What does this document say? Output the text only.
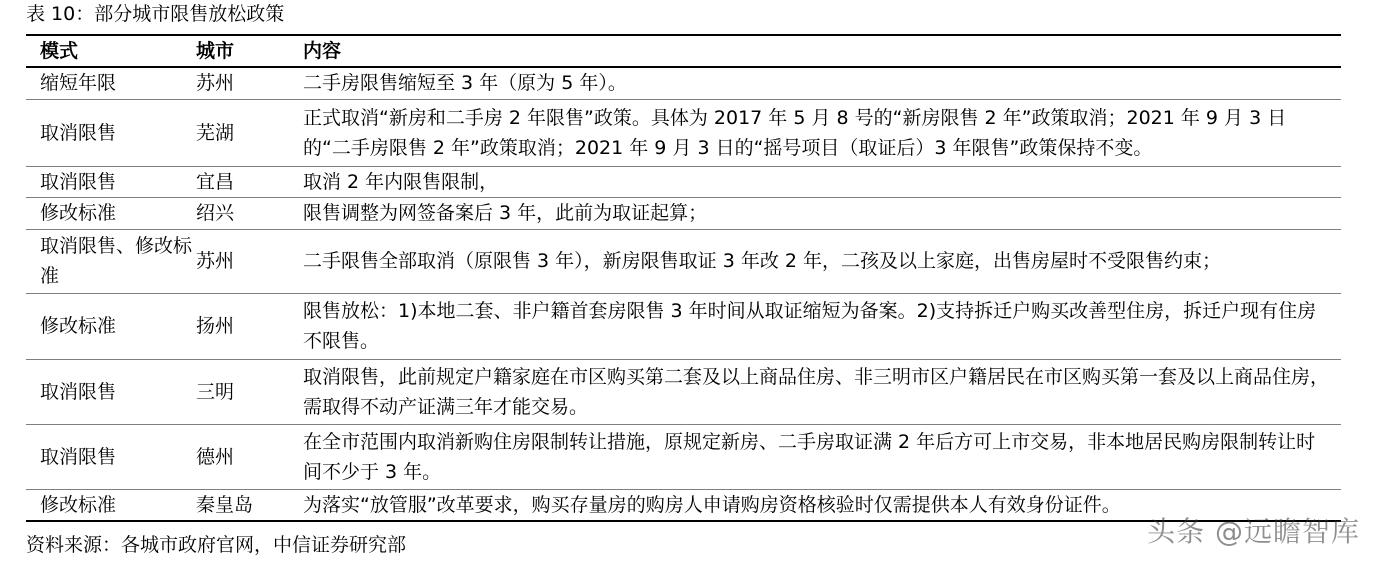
表 10：部分城市限售放松政策
模式	城市	内容
缩短年限	苏州	二手房限售缩短至 3 年（原为 5 年）。
取消限售	芜湖	正式取消“新房和二手房 2 年限售”政策。具体为 2017 年 5 月 8 号的“新房限售 2 年”政策取消；2021 年 9 月 3 日的“二手房限售 2 年”政策取消；2021 年 9 月 3 日的“摇号项目（取证后）3 年限售”政策保持不变。
取消限售	宜昌	取消 2 年内限售限制，
修改标准	绍兴	限售调整为网签备案后 3 年，此前为取证起算；
取消限售、修改标准	苏州	二手限售全部取消（原限售 3 年），新房限售取证 3 年改 2 年，二孩及以上家庭，出售房屋时不受限售约束；
修改标准	扬州	限售放松：1)本地二套、非户籍首套房限售 3 年时间从取证缩短为备案。2)支持拆迁户购买改善型住房，拆迁户现有住房不限售。
取消限售	三明	取消限售，此前规定户籍家庭在市区购买第二套及以上商品住房、非三明市区户籍居民在市区购买第一套及以上商品住房，需取得不动产证满三年才能交易。
取消限售	德州	在全市范围内取消新购住房限制转让措施，原规定新房、二手房取证满 2 年后方可上市交易，非本地居民购房限制转让时间不少于 3 年。
修改标准	秦皇岛	为落实“放管服”改革要求，购买存量房的购房人申请购房资格核验时仅需提供本人有效身份证件。
资料来源：各城市政府官网，中信证券研究部	头条 @远瞻智库
